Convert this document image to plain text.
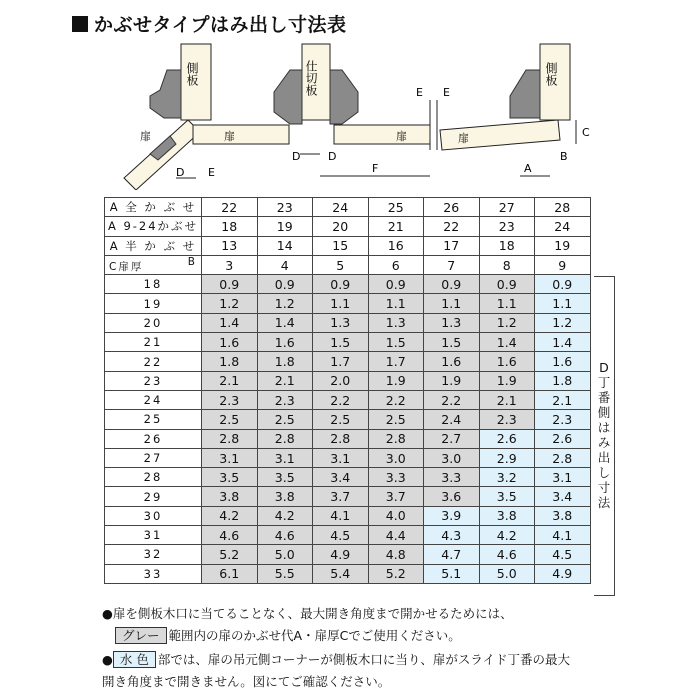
かぶせタイプはみ出し寸法表
側板
扉	扉
仕切板
扉
E E
側板
扉
D E
D	D
F	A
B
C
A 全 か ぶ せ	22	23	24	25	26	27	28
A 9-24かぶせ	18	19	20	21	22	23	24
A 半 か ぶ せ	13	14	15	16	17	18	19

B
C扉厚	3	4	5	6	7	8	9
18	0.9	0.9	0.9	0.9	0.9	0.9	0.9
19	1.2	1.2	1.1	1.1	1.1	1.1	1.1
20	1.4	1.4	1.3	1.3	1.3	1.2	1.2
21	1.6	1.6	1.5	1.5	1.5	1.4	1.4
22	1.8	1.8	1.7	1.7	1.6	1.6	1.6
23	2.1	2.1	2.0	1.9	1.9	1.9	1.8
24	2.3	2.3	2.2	2.2	2.2	2.1	2.1
25	2.5	2.5	2.5	2.5	2.4	2.3	2.3
26	2.8	2.8	2.8	2.8	2.7	2.6	2.6
27	3.1	3.1	3.1	3.0	3.0	2.9	2.8
28	3.5	3.5	3.4	3.3	3.3	3.2	3.1
29	3.8	3.8	3.7	3.7	3.6	3.5	3.4
30	4.2	4.2	4.1	4.0	3.9	3.8	3.8
31	4.6	4.6	4.5	4.4	4.3	4.2	4.1
32	5.2	5.0	4.9	4.8	4.7	4.6	4.5
33	6.1	5.5	5.4	5.2	5.1	5.0	4.9
D丁番側はみ出し寸法
●扉を側板木口に当てることなく、最大開き角度まで開かせるためには、
グレー 範囲内の扉のかぶせ代A・扉厚Cでご使用ください。
● 水 色 部では、扉の吊元側コーナーが側板木口に当り、扉がスライド丁番の最大
開き角度まで開きません。図にてご確認ください。
